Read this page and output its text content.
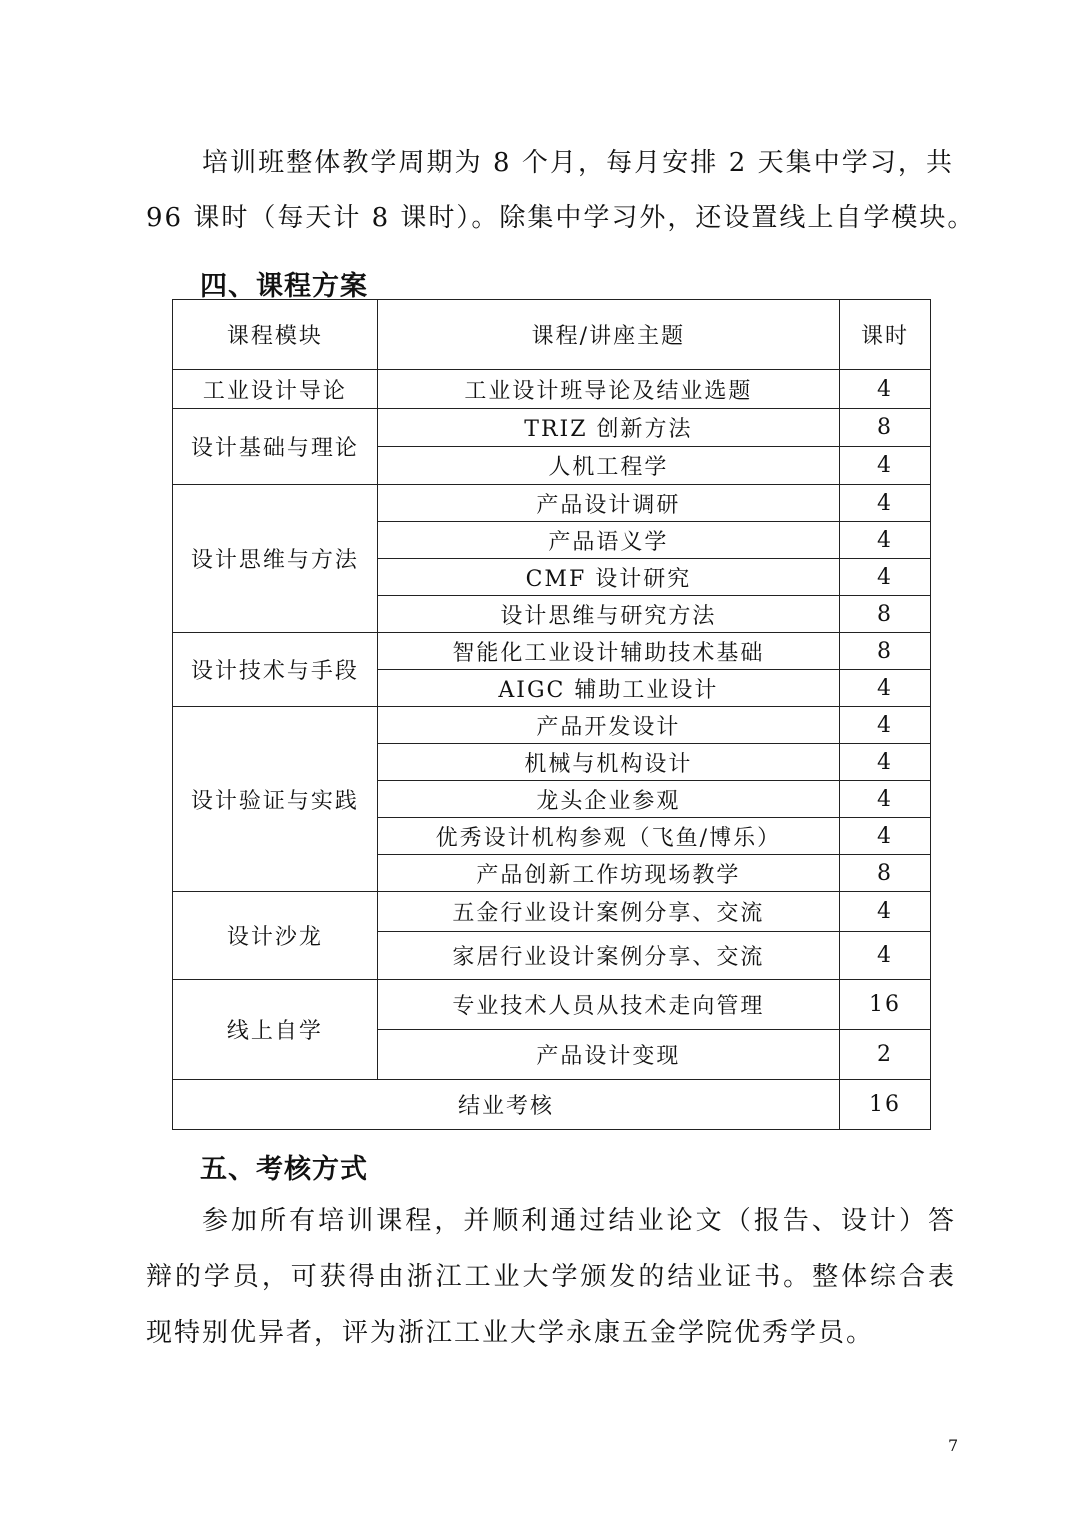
培训班整体教学周期为 8 个月，每月安排 2 天集中学习，共
96 课时（每天计 8 课时）。除集中学习外，还设置线上自学模块。
四、课程方案
课程模块	课程/讲座主题	课时
工业设计导论	工业设计班导论及结业选题	4
设计基础与理论	TRIZ 创新方法	8
	人机工程学	4
设计思维与方法	产品设计调研	4
	产品语义学	4
	CMF 设计研究	4
	设计思维与研究方法	8
设计技术与手段	智能化工业设计辅助技术基础	8
	AIGC 辅助工业设计	4
设计验证与实践	产品开发设计	4
	机械与机构设计	4
	龙头企业参观	4
	优秀设计机构参观（飞鱼/博乐）	4
	产品创新工作坊现场教学	8
设计沙龙	五金行业设计案例分享、交流	4
	家居行业设计案例分享、交流	4
线上自学	专业技术人员从技术走向管理	16
	产品设计变现	2
结业考核		16
五、考核方式
参加所有培训课程，并顺利通过结业论文（报告、设计）答
辩的学员，可获得由浙江工业大学颁发的结业证书。整体综合表
现特别优异者，评为浙江工业大学永康五金学院优秀学员。
7
